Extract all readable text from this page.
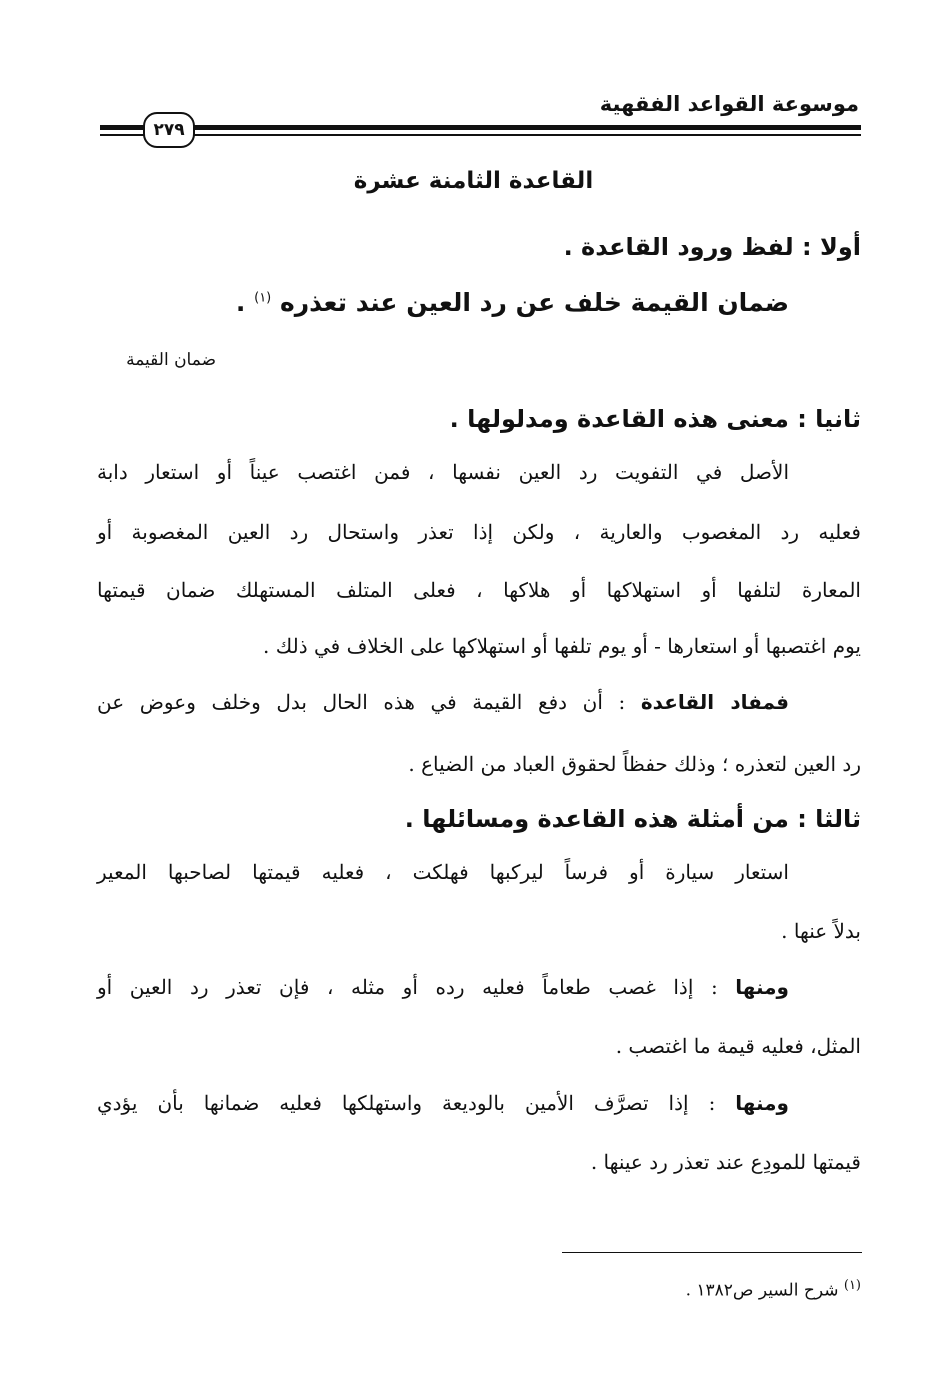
موسوعة القواعد الفقهية
٢٧٩
القاعدة الثامنة عشرة
أولا : لفظ ورود القاعدة .
ضمان القيمة خلف عن رد العين عند تعذره $^{(١)}$ .
ضمان القيمة
ثانيا : معنى هذه القاعدة ومدلولها .
الأصل في التفويت رد العين نفسها ، فمن اغتصب عيناً أو استعار دابة
فعليه رد المغصوب والعارية ، ولكن إذا تعذر واستحال رد العين المغصوبة أو
المعارة لتلفها أو استهلاكها أو هلاكها ، فعلى المتلف المستهلك ضمان قيمتها
يوم اغتصبها أو استعارها - أو يوم تلفها أو استهلاكها على الخلاف في ذلك .
فمفاد القاعدة : أن دفع القيمة في هذه الحال بدل وخلف وعوض عن
رد العين لتعذره ؛ وذلك حفظاً لحقوق العباد من الضياع .
ثالثا : من أمثلة هذه القاعدة ومسائلها .
استعار سيارة أو فرساً ليركبها فهلكت ، فعليه قيمتها لصاحبها المعير
بدلاً عنها .
ومنها : إذا غصب طعاماً فعليه رده أو مثله ، فإن تعذر رد العين أو
المثل، فعليه قيمة ما اغتصب .
ومنها : إذا تصرَّف الأمين بالوديعة واستهلكها فعليه ضمانها بأن يؤدي
قيمتها للمودِع عند تعذر رد عينها .
$^{(١)}$ شرح السير ص١٣٨٢ .
